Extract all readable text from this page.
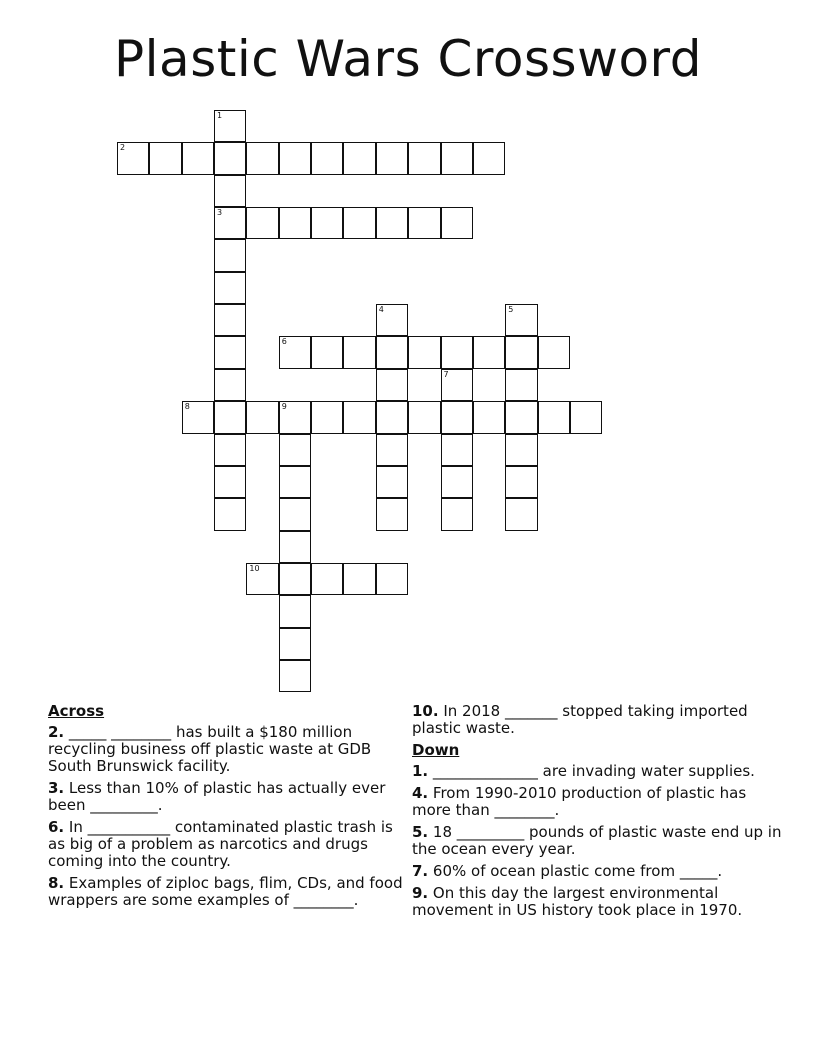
Plastic Wars Crossword
1
3
2
4	5
6
7
8	9
10
Across
2. _____ ________ has built a $180 million recycling business off plastic waste at GDB South Brunswick facility.
3. Less than 10% of plastic has actually ever been _________.
6. In ___________ contaminated plastic trash is as big of a problem as narcotics and drugs coming into the country.
8. Examples of ziploc bags, flim, CDs, and food wrappers are some examples of ________.
10. In 2018 _______ stopped taking imported plastic waste.
Down
1. ______________ are invading water supplies.
4. From 1990-2010 production of plastic has more than ________.
5. 18 _________ pounds of plastic waste end up in the ocean every year.
7. 60% of ocean plastic come from _____.
9. On this day the largest environmental movement in US history took place in 1970.
